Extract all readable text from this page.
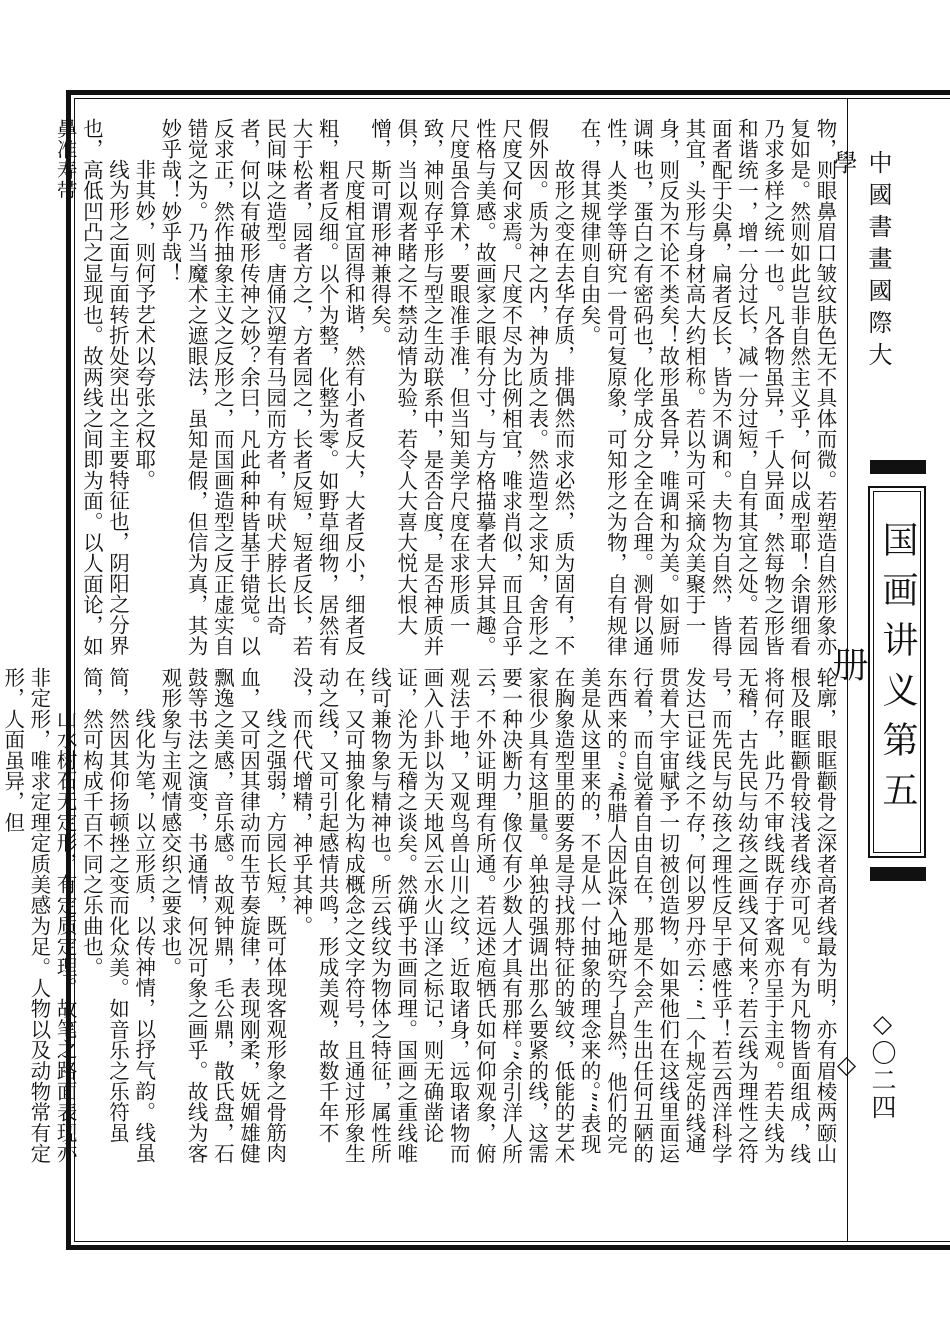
中國書畫國際大學
国画讲义第五册
◇〇二四◇

物，则眼鼻眉口皱纹肤色无不具体而微。若塑造自然形象亦复如是。然则如此岂非自然主义乎，何以成型耶！余谓细看乃求多样之统一也。凡各物虽异，千人异面，然每物之形皆和谐统一，增一分过长，减一分过短，自有其宜之处。若园面者配于尖鼻，扁者反长，皆为不调和。夫物为自然，皆得其宜，头形与身材高大约相称。若以为可采摘众美聚于一身，则反为不论不类矣！故形虽各异，唯调和为美。如厨师调味也，蛋白之有密码也，化学成分之全在合理。测骨以通性，人类学等研究一骨可复原象，可知形之为物，自有规律在，得其规律则自由矣。

故形之变在去华存质，排偶然而求必然，质为固有，不假外因。质为神之内，神为质之表。然造型之求知，舍形之尺度又何求焉。尺度不尽为比例相宜，唯求肖似，而且合乎性格与美感。故画家之眼有分寸，与方格描摹者大异其趣。尺度虽合算术，要眼准手准，但当知美学尺度在求形质一致，神则存乎形与型之生动联系中，是否合度，是否神质并俱，当以观者睹之不禁动情为验，若令人大喜大悦大恨大憎，斯可谓形神兼得矣。

尺度相宜固得和谐，然有小者反大，大者反小，细者反粗，粗者反细。以个为整，化整为零。如野草细物，居然有大于松者，园者方之，方者园之，长者反短，短者反长，若民间味之造型。唐俑汉塑有马园而方者，有吠犬脖长出奇者，何以有破形传神之妙？余曰，凡此种种皆基于错觉。以反求正，然作抽象主义之反形之，而国画造型之反正虚实自错觉之为。乃当魔术之遮眼法，虽知是假，但信为真，其为妙乎哉！妙乎哉！

非其妙，则何予艺术以夸张之权耶。

线为形之面与面转折处突出之主要特征也，阴阳之分界也，高低凹凸之显现也。故两线之间即为面。以人面论，如鼻准寿带

轮廓，眼眶颧骨之深者高者线最为明，亦有眉棱两颐山根及眼眶颧骨较浅者线亦可见。有为凡物皆面组成，线将何存，此乃不审线既存于客观亦呈于主观。若夫线为无稽，古先民与幼孩之画线又何来？若云线为理性之符号，而先民与幼孩之理性反早于感性乎！若云西洋科学发达已证线之不存，何以罗丹亦云：“一个规定的线通贯着大宇宙赋予一切被创造物，如果他们在这线里面运行着，而自觉着自由自在，那是不会产生出任何丑陋的东西来的。”“希腊人因此深入地研究了自然，他们的完美是从这里来的，不是从一付抽象的理念来的。”“表现在胸象造型里的要务是寻找那特征的皱纹，低能的艺术家很少具有这胆量。单独的强调出那么要紧的线，这需要一种决断力，像仅有少数人才具有那样。”余引洋人所云，不外证明理有所通。若远述庖牺氏如何仰观象，俯观法于地，又观鸟兽山川之纹，近取诸身，远取诸物而画入八卦以为天地风云水火山泽之标记，则无确凿论证，沦为无稽之谈矣。然确乎书画同理。国画之重线唯线可兼物象与精神也。所云线纹为物体之特征，属性所在，又可抽象化为构成概念之文字符号，且通过形象生动之线，又可引起感情共鸣，形成美观，故数千年不没，而代代增精，神乎其神。

线之强弱，方园长短，既可体现客观形象之骨筋肉血，又可因其律动而生节奏旋律，表现刚柔，妩媚雄健飘逸之美感，音乐感。故观钟鼎，毛公鼎，散氏盘，石鼓等书法之演变，书通情，何况可象之画乎。故线为客观形象与主观情感交织之要求也。

线化为笔，以立形质，以传神情，以抒气韵。线虽简，然因其仰扬顿挫之变而化众美。如音乐之乐符虽简，然可构成千百不同之乐曲也。

山水树石无定形，有定质定理。故笔之路面表现亦非定形，唯求定理定质美感为足。人物以及动物常有定形，人面虽异，但
